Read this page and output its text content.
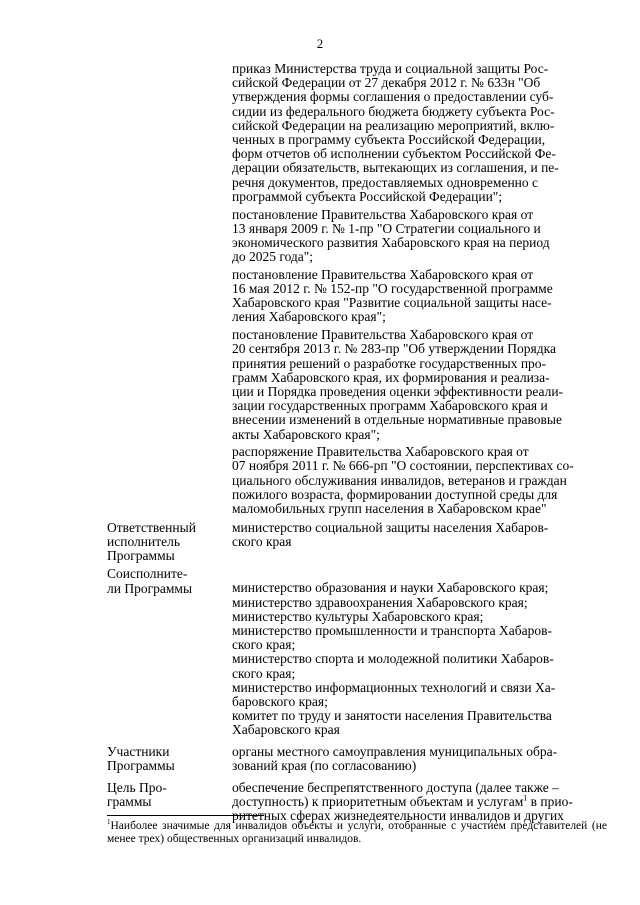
2

приказ Министерства труда и социальной защиты Рос-
сийской Федерации от 27 декабря 2012 г. № 633н "Об
утверждения формы соглашения о предоставлении суб-
сидии из федерального бюджета бюджету субъекта Рос-
сийской Федерации на реализацию мероприятий, вклю-
ченных в программу субъекта Российской Федерации,
форм отчетов об исполнении субъектом Российской Фе-
дерации обязательств, вытекающих из соглашения, и пе-
речня документов, предоставляемых одновременно с
программой субъекта Российской Федерации";

постановление Правительства Хабаровского края от
13 января 2009 г. № 1-пр "О Стратегии социального и
экономического развития Хабаровского края на период
до 2025 года";

постановление Правительства Хабаровского края от
16 мая 2012 г. № 152-пр "О государственной программе
Хабаровского края "Развитие социальной защиты насе-
ления Хабаровского края";

постановление Правительства Хабаровского края от
20 сентября 2013 г. № 283-пр "Об утверждении Порядка
принятия решений о разработке государственных про-
грамм Хабаровского края, их формирования и реализа-
ции и Порядка проведения оценки эффективности реали-
зации государственных программ Хабаровского края и
внесении изменений в отдельные нормативные правовые
акты Хабаровского края";

распоряжение Правительства Хабаровского края от
07 ноября 2011 г. № 666-рп "О состоянии, перспективах со-
циального обслуживания инвалидов, ветеранов и граждан
пожилого возраста, формировании доступной среды для
маломобильных групп населения в Хабаровском крае"

Ответственный
исполнитель
Программы

министерство социальной защиты населения Хабаров-
ского края

Соисполните-
ли Программы	министерство образования и науки Хабаровского края;
министерство здравоохранения Хабаровского края;
министерство культуры Хабаровского края;
министерство промышленности и транспорта Хабаров-
ского края;
министерство спорта и молодежной политики Хабаров-
ского края;
министерство информационных технологий и связи Ха-
баровского края;
комитет по труду и занятости населения Правительства
Хабаровского края
Участники
Программы

органы местного самоуправления муниципальных обра-
зований края (по согласованию)

Цель Про-
граммы

обеспечение беспрепятственного доступа (далее также –
доступность) к приоритетным объектам и услугам$^1$ в прио-
ритетных сферах жизнедеятельности инвалидов и других

$^1$Наиболее значимые для инвалидов объекты и услуги, отобранные с участием представителей (не менее трех) общественных организаций инвалидов.
